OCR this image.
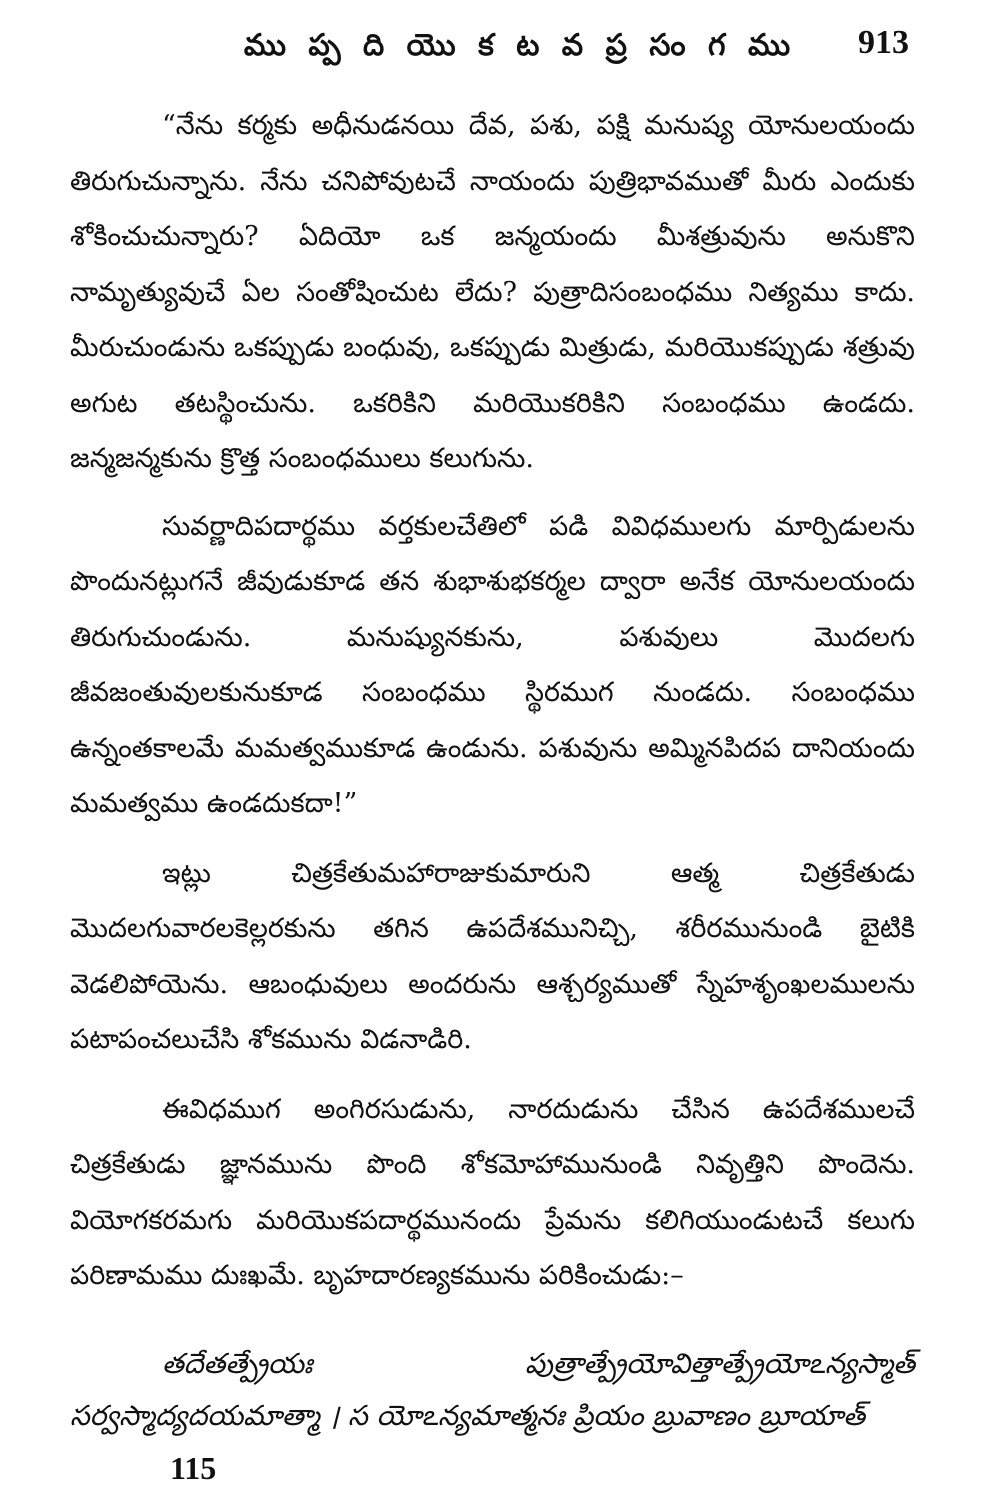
ము ప్ప ది యొ క ట వ ప్ర సం గ ము	913

“నేను కర్మకు అధీనుడనయి దేవ, పశు, పక్షి మనుష్య యోనులయందు తిరుగుచున్నాను. నేను చనిపోవుటచే నాయందు పుత్రిభావముతో మీరు ఎందుకు శోకించుచున్నారు? ఏదియో ఒక జన్మయందు మీశత్రువును అనుకొని నామృత్యువుచే ఏల సంతోషించుట లేదు? పుత్రాదిసంబంధము నిత్యము కాదు. మీరుచుండును ఒకప్పుడు బంధువు, ఒకప్పుడు మిత్రుడు, మరియొకప్పుడు శత్రువు అగుట తటస్థించును. ఒకరికిని మరియొకరికిని సంబంధము ఉండదు. జన్మజన్మకును క్రొత్త సంబంధములు కలుగును.

సువర్ణాదిపదార్థము వర్తకులచేతిలో పడి వివిధములగు మార్పిడులను పొందునట్లుగనే జీవుడుకూడ తన శుభాశుభకర్మల ద్వారా అనేక యోనులయందు తిరుగుచుండును. మనుష్యునకును, పశువులు మొదలగు జీవజంతువులకునుకూడ సంబంధము స్థిరముగ నుండదు. సంబంధము ఉన్నంతకాలమే మమత్వముకూడ ఉండును. పశువును అమ్మినపిదప దానియందు మమత్వము ఉండదుకదా!”

ఇట్లు చిత్రకేతుమహారాజుకుమారుని ఆత్మ చిత్రకేతుడు మొదలగువారలకెల్లరకును తగిన ఉపదేశమునిచ్చి, శరీరమునుండి బైటికి వెడలిపోయెను. ఆబంధువులు అందరును ఆశ్చర్యముతో స్నేహశృంఖలములను పటాపంచలుచేసి శోకమును విడనాడిరి.

ఈవిధముగ అంగిరసుడును, నారదుడును చేసిన ఉపదేశములచే చిత్రకేతుడు జ్ఞానమును పొంది శోకమోహామునుండి నివృత్తిని పొందెను. వియోగకరమగు మరియొకపదార్థమునందు ప్రేమను కలిగియుండుటచే కలుగు పరిణామము దుఃఖమే. బృహదారణ్యకమును పరికించుడు:–

తదేతత్ప్రేయః పుత్రాత్ప్రేయోవిత్తాత్ప్రేయోఽన్యస్మాత్ సర్వస్మాద్యదయమాత్మా । స యోఽన్యమాత్మనః ప్రియం బ్రువాణం బ్రూయాత్

115
